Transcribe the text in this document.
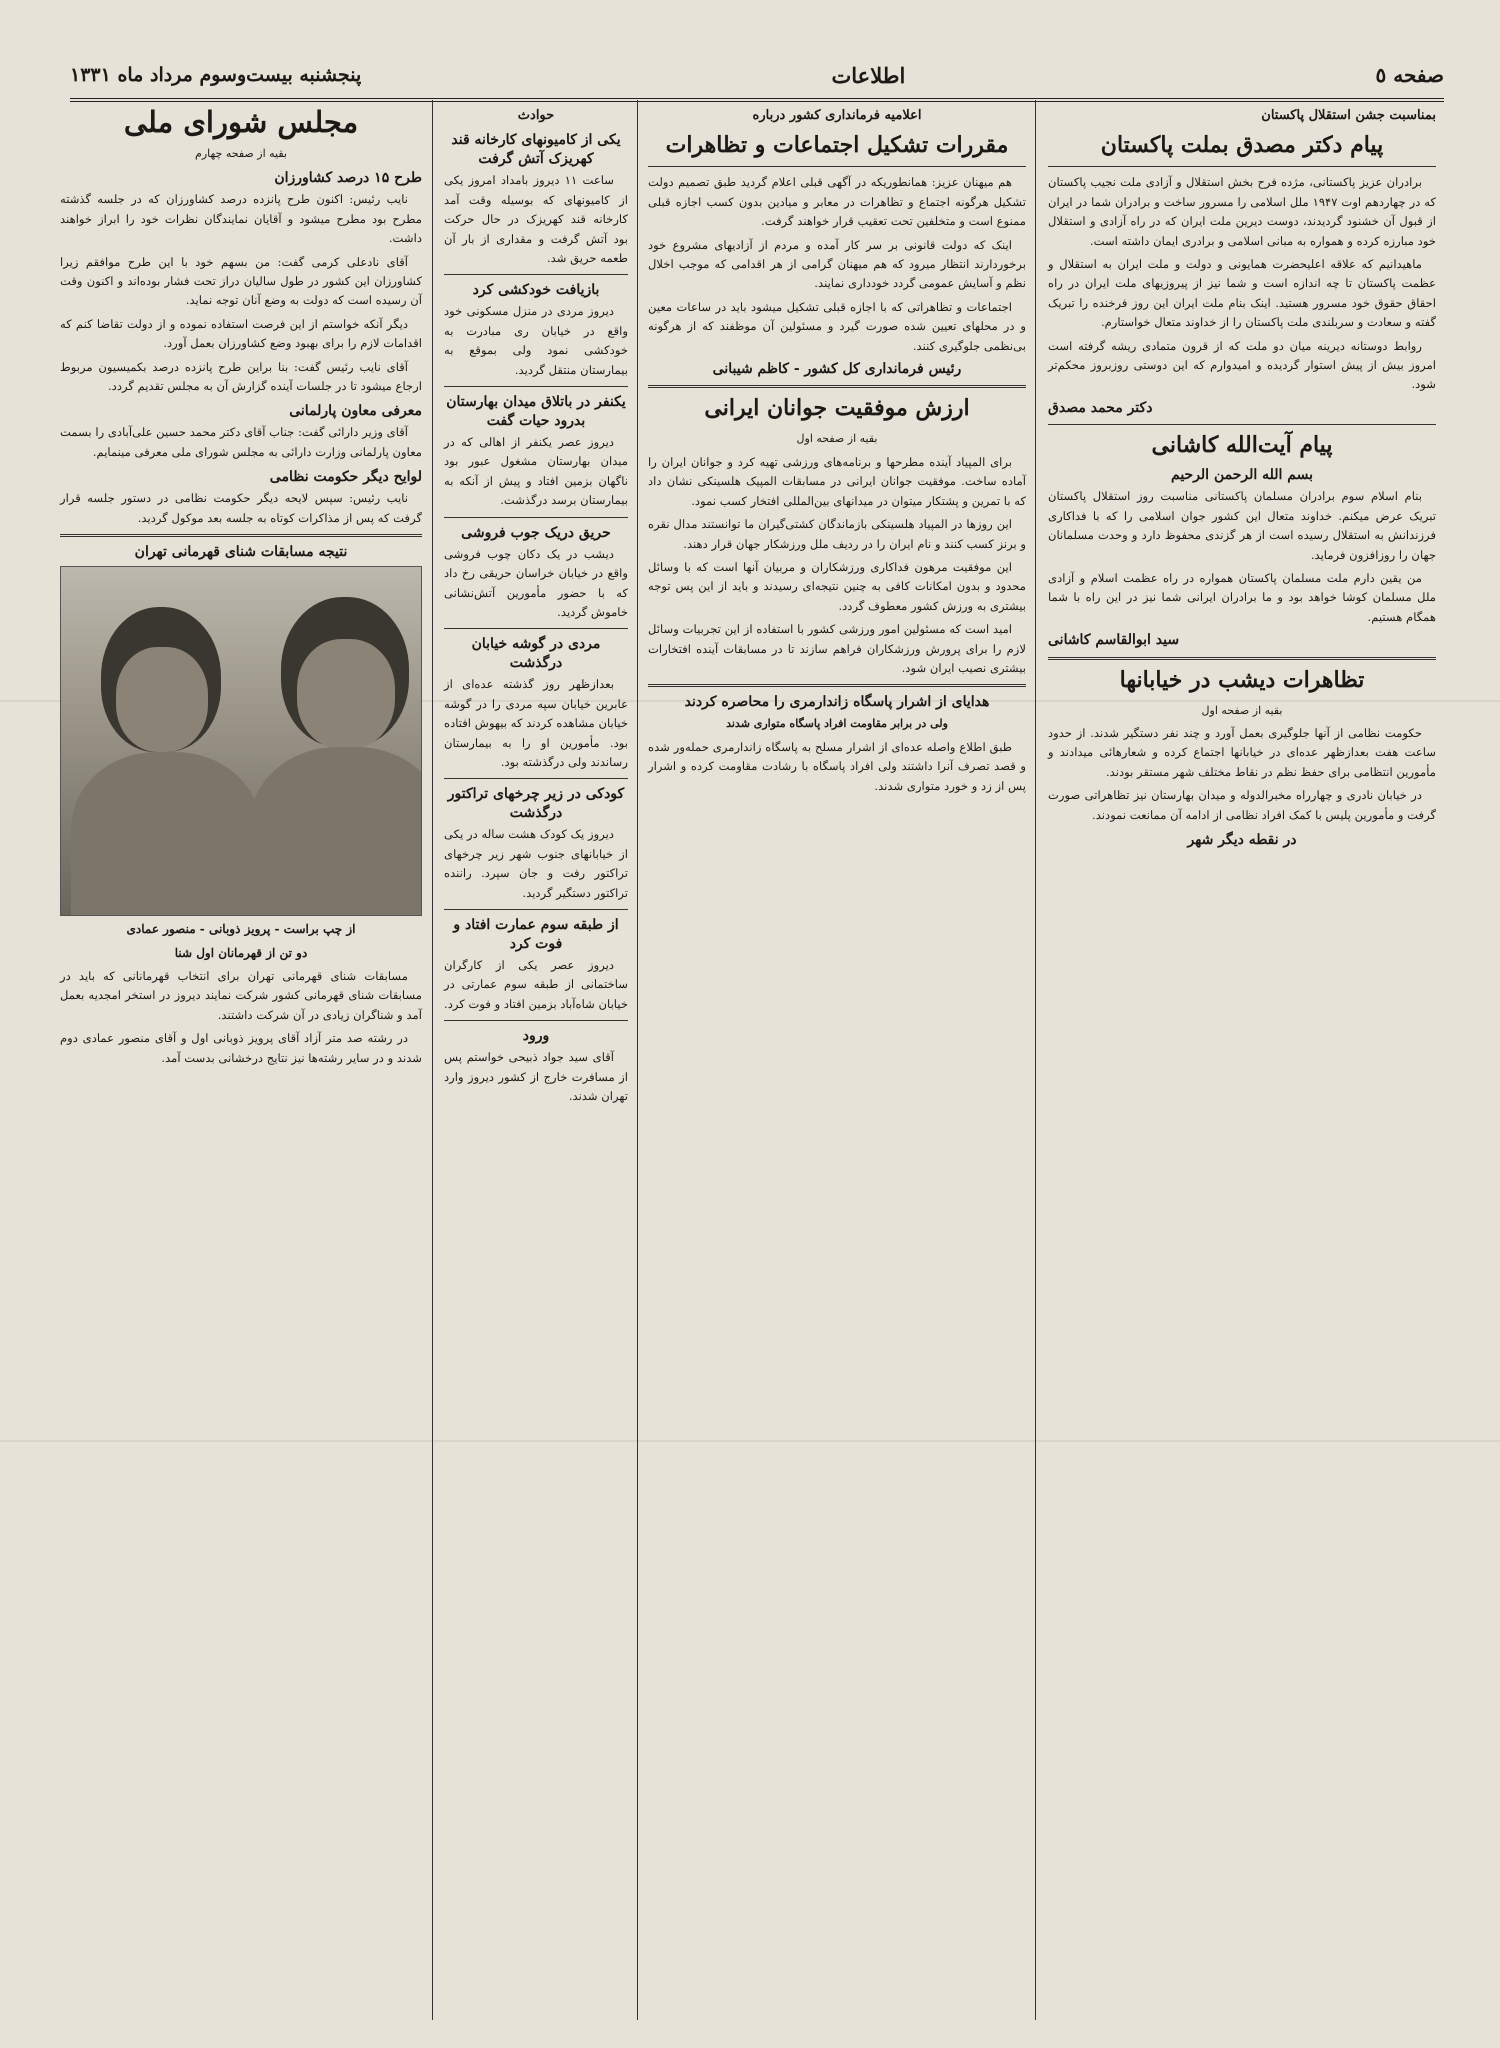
صفحه ٥
اطلاعات
پنجشنبه بیست‌وسوم مرداد ماه ۱۳۳۱
بمناسبت جشن استقلال پاکستان
پیام دکتر مصدق بملت پاکستان

برادران عزیز پاکستانی، مژده فرح بخش استقلال و آزادی ملت نجیب پاکستان که در چهاردهم اوت ۱۹۴۷ ملل اسلامی را مسرور ساخت و برادران شما در ایران از قبول آن خشنود گردیدند، دوست دیرین ملت ایران که در راه آزادی و استقلال خود مبارزه کرده و همواره به مبانی اسلامی و برادری ایمان داشته است.

ماهیدانیم که علاقه اعلیحضرت همایونی و دولت و ملت ایران به استقلال و عظمت پاکستان تا چه اندازه است و شما نیز از پیروزیهای ملت ایران در راه احقاق حقوق خود مسرور هستید. اینک بنام ملت ایران این روز فرخنده را تبریک گفته و سعادت و سربلندی ملت پاکستان را از خداوند متعال خواستارم.

روابط دوستانه دیرینه میان دو ملت که از قرون متمادی ریشه گرفته است امروز بیش از پیش استوار گردیده و امیدوارم که این دوستی روزبروز محکم‌تر شود.

دکتر محمد مصدق
پیام آیت‌الله کاشانی
بسم الله الرحمن الرحیم

بنام اسلام سوم برادران مسلمان پاکستانی مناسبت روز استقلال پاکستان تبریک عرض میکنم. خداوند متعال این کشور جوان اسلامی را که با فداکاری فرزندانش به استقلال رسیده است از هر گزندی محفوظ دارد و وحدت مسلمانان جهان را روزافزون فرماید.

من یقین دارم ملت مسلمان پاکستان همواره در راه عظمت اسلام و آزادی ملل مسلمان کوشا خواهد بود و ما برادران ایرانی شما نیز در این راه با شما همگام هستیم.

سید ابوالقاسم کاشانی
تظاهرات دیشب در خیابانها
بقیه از صفحه اول

حکومت نظامی از آنها جلوگیری بعمل آورد و چند نفر دستگیر شدند. از حدود ساعت هفت بعدازظهر عده‌ای در خیابانها اجتماع کرده و شعارهائی میدادند و مأمورین انتظامی برای حفظ نظم در نقاط مختلف شهر مستقر بودند.

در خیابان نادری و چهارراه مخبرالدوله و میدان بهارستان نیز تظاهراتی صورت گرفت و مأمورین پلیس با کمک افراد نظامی از ادامه آن ممانعت نمودند.

در نقطه دیگر شهر
اعلامیه فرمانداری کشور درباره
مقررات تشکیل اجتماعات و تظاهرات

هم میهنان عزیز: همانطوریکه در آگهی قبلی اعلام گردید طبق تصمیم دولت تشکیل هرگونه اجتماع و تظاهرات در معابر و میادین بدون کسب اجازه قبلی ممنوع است و متخلفین تحت تعقیب قرار خواهند گرفت.

اینک که دولت قانونی بر سر کار آمده و مردم از آزادیهای مشروع خود برخوردارند انتظار میرود که هم میهنان گرامی از هر اقدامی که موجب اخلال نظم و آسایش عمومی گردد خودداری نمایند.

اجتماعات و تظاهراتی که با اجازه قبلی تشکیل میشود باید در ساعات معین و در محلهای تعیین شده صورت گیرد و مسئولین آن موظفند که از هرگونه بی‌نظمی جلوگیری کنند.

رئیس فرمانداری کل کشور - کاظم شیبانی
ارزش موفقیت جوانان ایرانی
بقیه از صفحه اول

برای المپیاد آینده مطرحها و برنامه‌های ورزشی تهیه کرد و جوانان ایران را آماده ساخت. موفقیت جوانان ایرانی در مسابقات المپیک هلسینکی نشان داد که با تمرین و پشتکار میتوان در میدانهای بین‌المللی افتخار کسب نمود.

این روزها در المپیاد هلسینکی بازماندگان کشتی‌گیران ما توانستند مدال نقره و برنز کسب کنند و نام ایران را در ردیف ملل ورزشکار جهان قرار دهند.

این موفقیت مرهون فداکاری ورزشکاران و مربیان آنها است که با وسائل محدود و بدون امکانات کافی به چنین نتیجه‌ای رسیدند و باید از این پس توجه بیشتری به ورزش کشور معطوف گردد.

امید است که مسئولین امور ورزشی کشور با استفاده از این تجربیات وسائل لازم را برای پرورش ورزشکاران فراهم سازند تا در مسابقات آینده افتخارات بیشتری نصیب ایران شود.

هدایای از اشرار پاسگاه زاندارمری را محاصره کردند
ولی در برابر مقاومت افراد پاسگاه متواری شدند

طبق اطلاع واصله عده‌ای از اشرار مسلح به پاسگاه زاندارمری حمله‌ور شده و قصد تصرف آنرا داشتند ولی افراد پاسگاه با رشادت مقاومت کرده و اشرار پس از زد و خورد متواری شدند.

حوادث
یکی از کامیونهای کارخانه قند کهریزک آتش گرفت

ساعت ۱۱ دیروز بامداد امروز یکی از کامیونهای که بوسیله وقت آمد کارخانه قند کهریزک در حال حرکت بود آتش گرفت و مقداری از بار آن طعمه حریق شد.

بازیافت خودکشی کرد

دیروز مردی در منزل مسکونی خود واقع در خیابان ری مبادرت به خودکشی نمود ولی بموقع به بیمارستان منتقل گردید.

یکنفر در باتلاق میدان بهارستان بدرود حیات گفت

دیروز عصر یکنفر از اهالی که در میدان بهارستان مشغول عبور بود ناگهان بزمین افتاد و پیش از آنکه به بیمارستان برسد درگذشت.

حریق دریک جوب فروشی

دیشب در یک دکان چوب فروشی واقع در خیابان خراسان حریقی رخ داد که با حضور مأمورین آتش‌نشانی خاموش گردید.

مردی در گوشه خیابان درگذشت

بعدازظهر روز گذشته عده‌ای از عابرین خیابان سپه مردی را در گوشه خیابان مشاهده کردند که بیهوش افتاده بود. مأمورین او را به بیمارستان رساندند ولی درگذشته بود.

کودکی در زیر چرخهای تراکتور درگذشت

دیروز یک کودک هشت ساله در یکی از خیابانهای جنوب شهر زیر چرخهای تراکتور رفت و جان سپرد. راننده تراکتور دستگیر گردید.

از طبقه سوم عمارت افتاد و فوت کرد

دیروز عصر یکی از کارگران ساختمانی از طبقه سوم عمارتی در خیابان شاه‌آباد بزمین افتاد و فوت کرد.

ورود

آقای سید جواد ذبیحی خواستم پس از مسافرت خارج از کشور دیروز وارد تهران شدند.

مجلس شورای ملی
بقیه از صفحه چهارم
طرح ۱۵ درصد کشاورزان

نایب رئیس: اکنون طرح پانزده درصد کشاورزان که در جلسه گذشته مطرح بود مطرح میشود و آقایان نمایندگان نظرات خود را ابراز خواهند داشت.

آقای نادعلی کرمی گفت: من بسهم خود با این طرح موافقم زیرا کشاورزان این کشور در طول سالیان دراز تحت فشار بوده‌اند و اکنون وقت آن رسیده است که دولت به وضع آنان توجه نماید.

دیگر آنکه خواستم از این فرصت استفاده نموده و از دولت تقاضا کنم که اقدامات لازم را برای بهبود وضع کشاورزان بعمل آورد.

آقای نایب رئیس گفت: بنا براین طرح پانزده درصد بکمیسیون مربوط ارجاع میشود تا در جلسات آینده گزارش آن به مجلس تقدیم گردد.

معرفی معاون پارلمانی

آقای وزیر دارائی گفت: جناب آقای دکتر محمد حسین علی‌آبادی را بسمت معاون پارلمانی وزارت دارائی به مجلس شورای ملی معرفی مینمایم.

لوایح دیگر حکومت نظامی

نایب رئیس: سپس لایحه دیگر حکومت نظامی در دستور جلسه قرار گرفت که پس از مذاکرات کوتاه به جلسه بعد موکول گردید.

نتیجه مسابقات شنای قهرمانی تهران
از چپ براست - پرویز ذوبانی - منصور عمادی
دو تن از قهرمانان اول شنا

مسابقات شنای قهرمانی تهران برای انتخاب قهرمانانی که باید در مسابقات شنای قهرمانی کشور شرکت نمایند دیروز در استخر امجدیه بعمل آمد و شناگران زیادی در آن شرکت داشتند.

در رشته صد متر آزاد آقای پرویز ذوبانی اول و آقای منصور عمادی دوم شدند و در سایر رشته‌ها نیز نتایج درخشانی بدست آمد.
